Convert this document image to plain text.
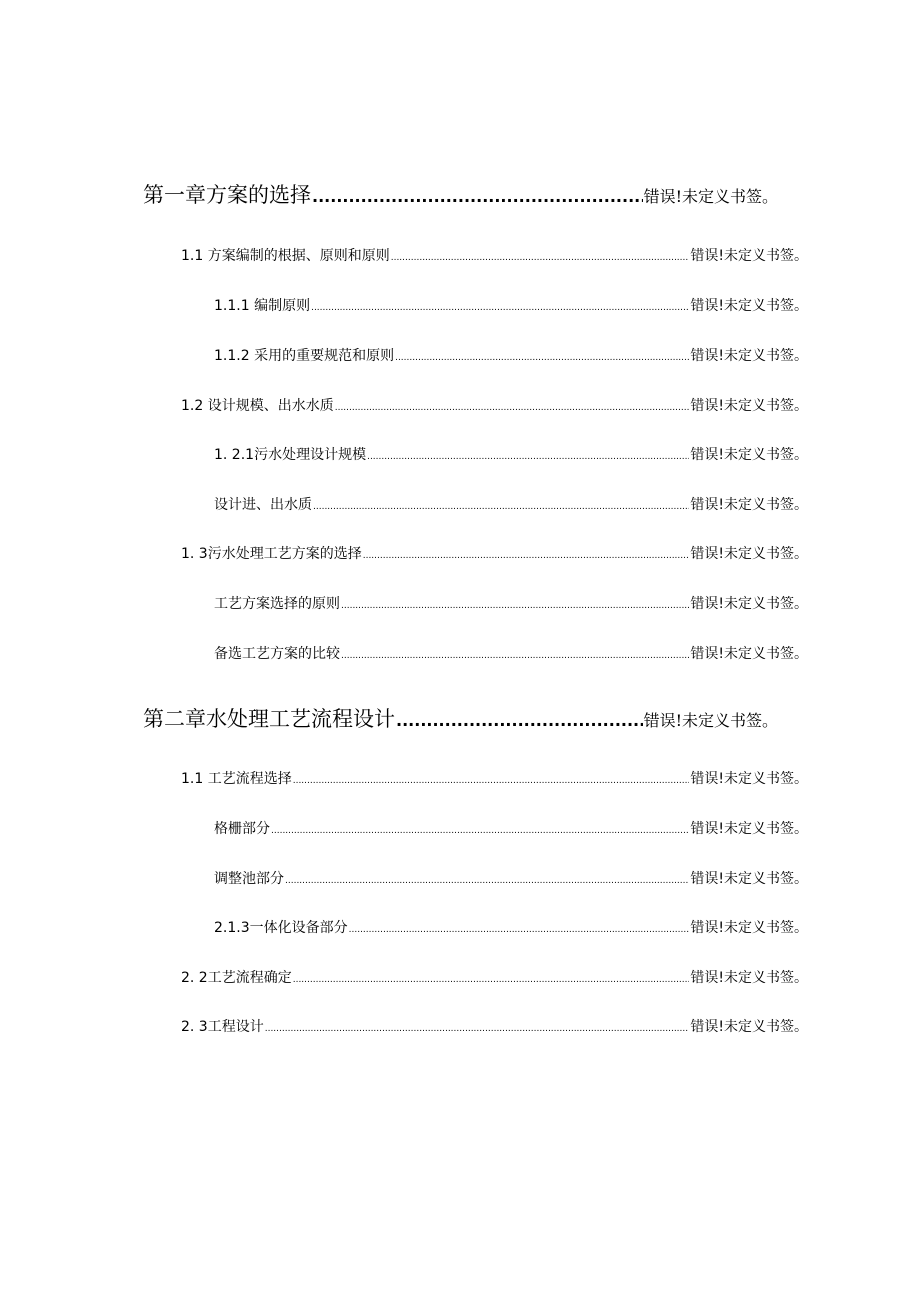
第一章方案的选择 .....	错误!未定义书签。
1.1 方案编制的根据、原则和原则 .....	错误!未定义书签。
1.1.1 编制原则 .....	错误!未定义书签。
1.1.2 采用的重要规范和原则 .....	错误!未定义书签。
1.2 设计规模、出水水质 .....	错误!未定义书签。
1. 2.1污水处理设计规模 .....	错误!未定义书签。
设计进、出水质 .....	错误!未定义书签。
1. 3污水处理工艺方案的选择 .....	错误!未定义书签。
工艺方案选择的原则 .....	错误!未定义书签。
备选工艺方案的比较 .....	错误!未定义书签。
第二章水处理工艺流程设计 .....	错误!未定义书签。
1.1 工艺流程选择 .....	错误!未定义书签。
格栅部分 .....	错误!未定义书签。
调整池部分 .....	错误!未定义书签。
2.1.3一体化设备部分 .....	错误!未定义书签。
2. 2工艺流程确定 .....	错误!未定义书签。
2. 3工程设计 .....	错误!未定义书签。
